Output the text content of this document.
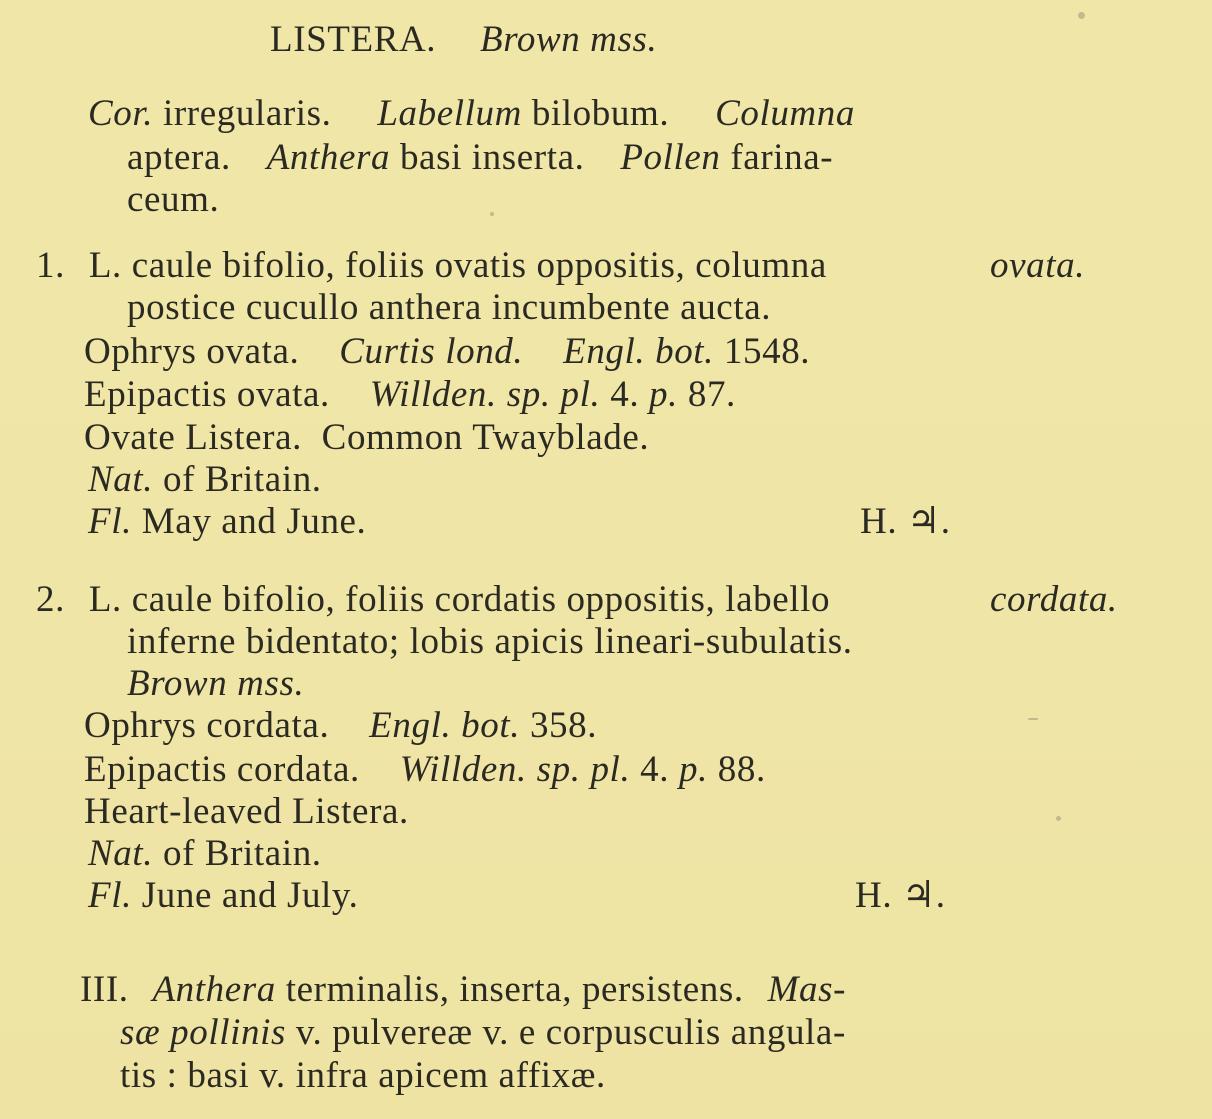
LISTERA. Brown mss.
Cor. irregularis. Labellum bilobum. Columna
aptera. Anthera basi inserta. Pollen farina-
ceum.
1. L. caule bifolio, foliis ovatis oppositis, columna	ovata.
postice cucullo anthera incumbente aucta.
Ophrys ovata. Curtis lond. Engl. bot. 1548.
Epipactis ovata. Willden. sp. pl. 4. p. 87.
Ovate Listera.  Common Twayblade.
Nat. of Britain.
Fl. May and June.	H. ♃.
2. L. caule bifolio, foliis cordatis oppositis, labello	cordata.
inferne bidentato; lobis apicis lineari-subulatis.
Brown mss.
Ophrys cordata. Engl. bot. 358.
Epipactis cordata. Willden. sp. pl. 4. p. 88.
Heart-leaved Listera.
Nat. of Britain.
Fl. June and July.	H. ♃.
III. Anthera terminalis, inserta, persistens. Mas-
sæ pollinis v. pulvereæ v. e corpusculis angula-
tis : basi v. infra apicem affixæ.
